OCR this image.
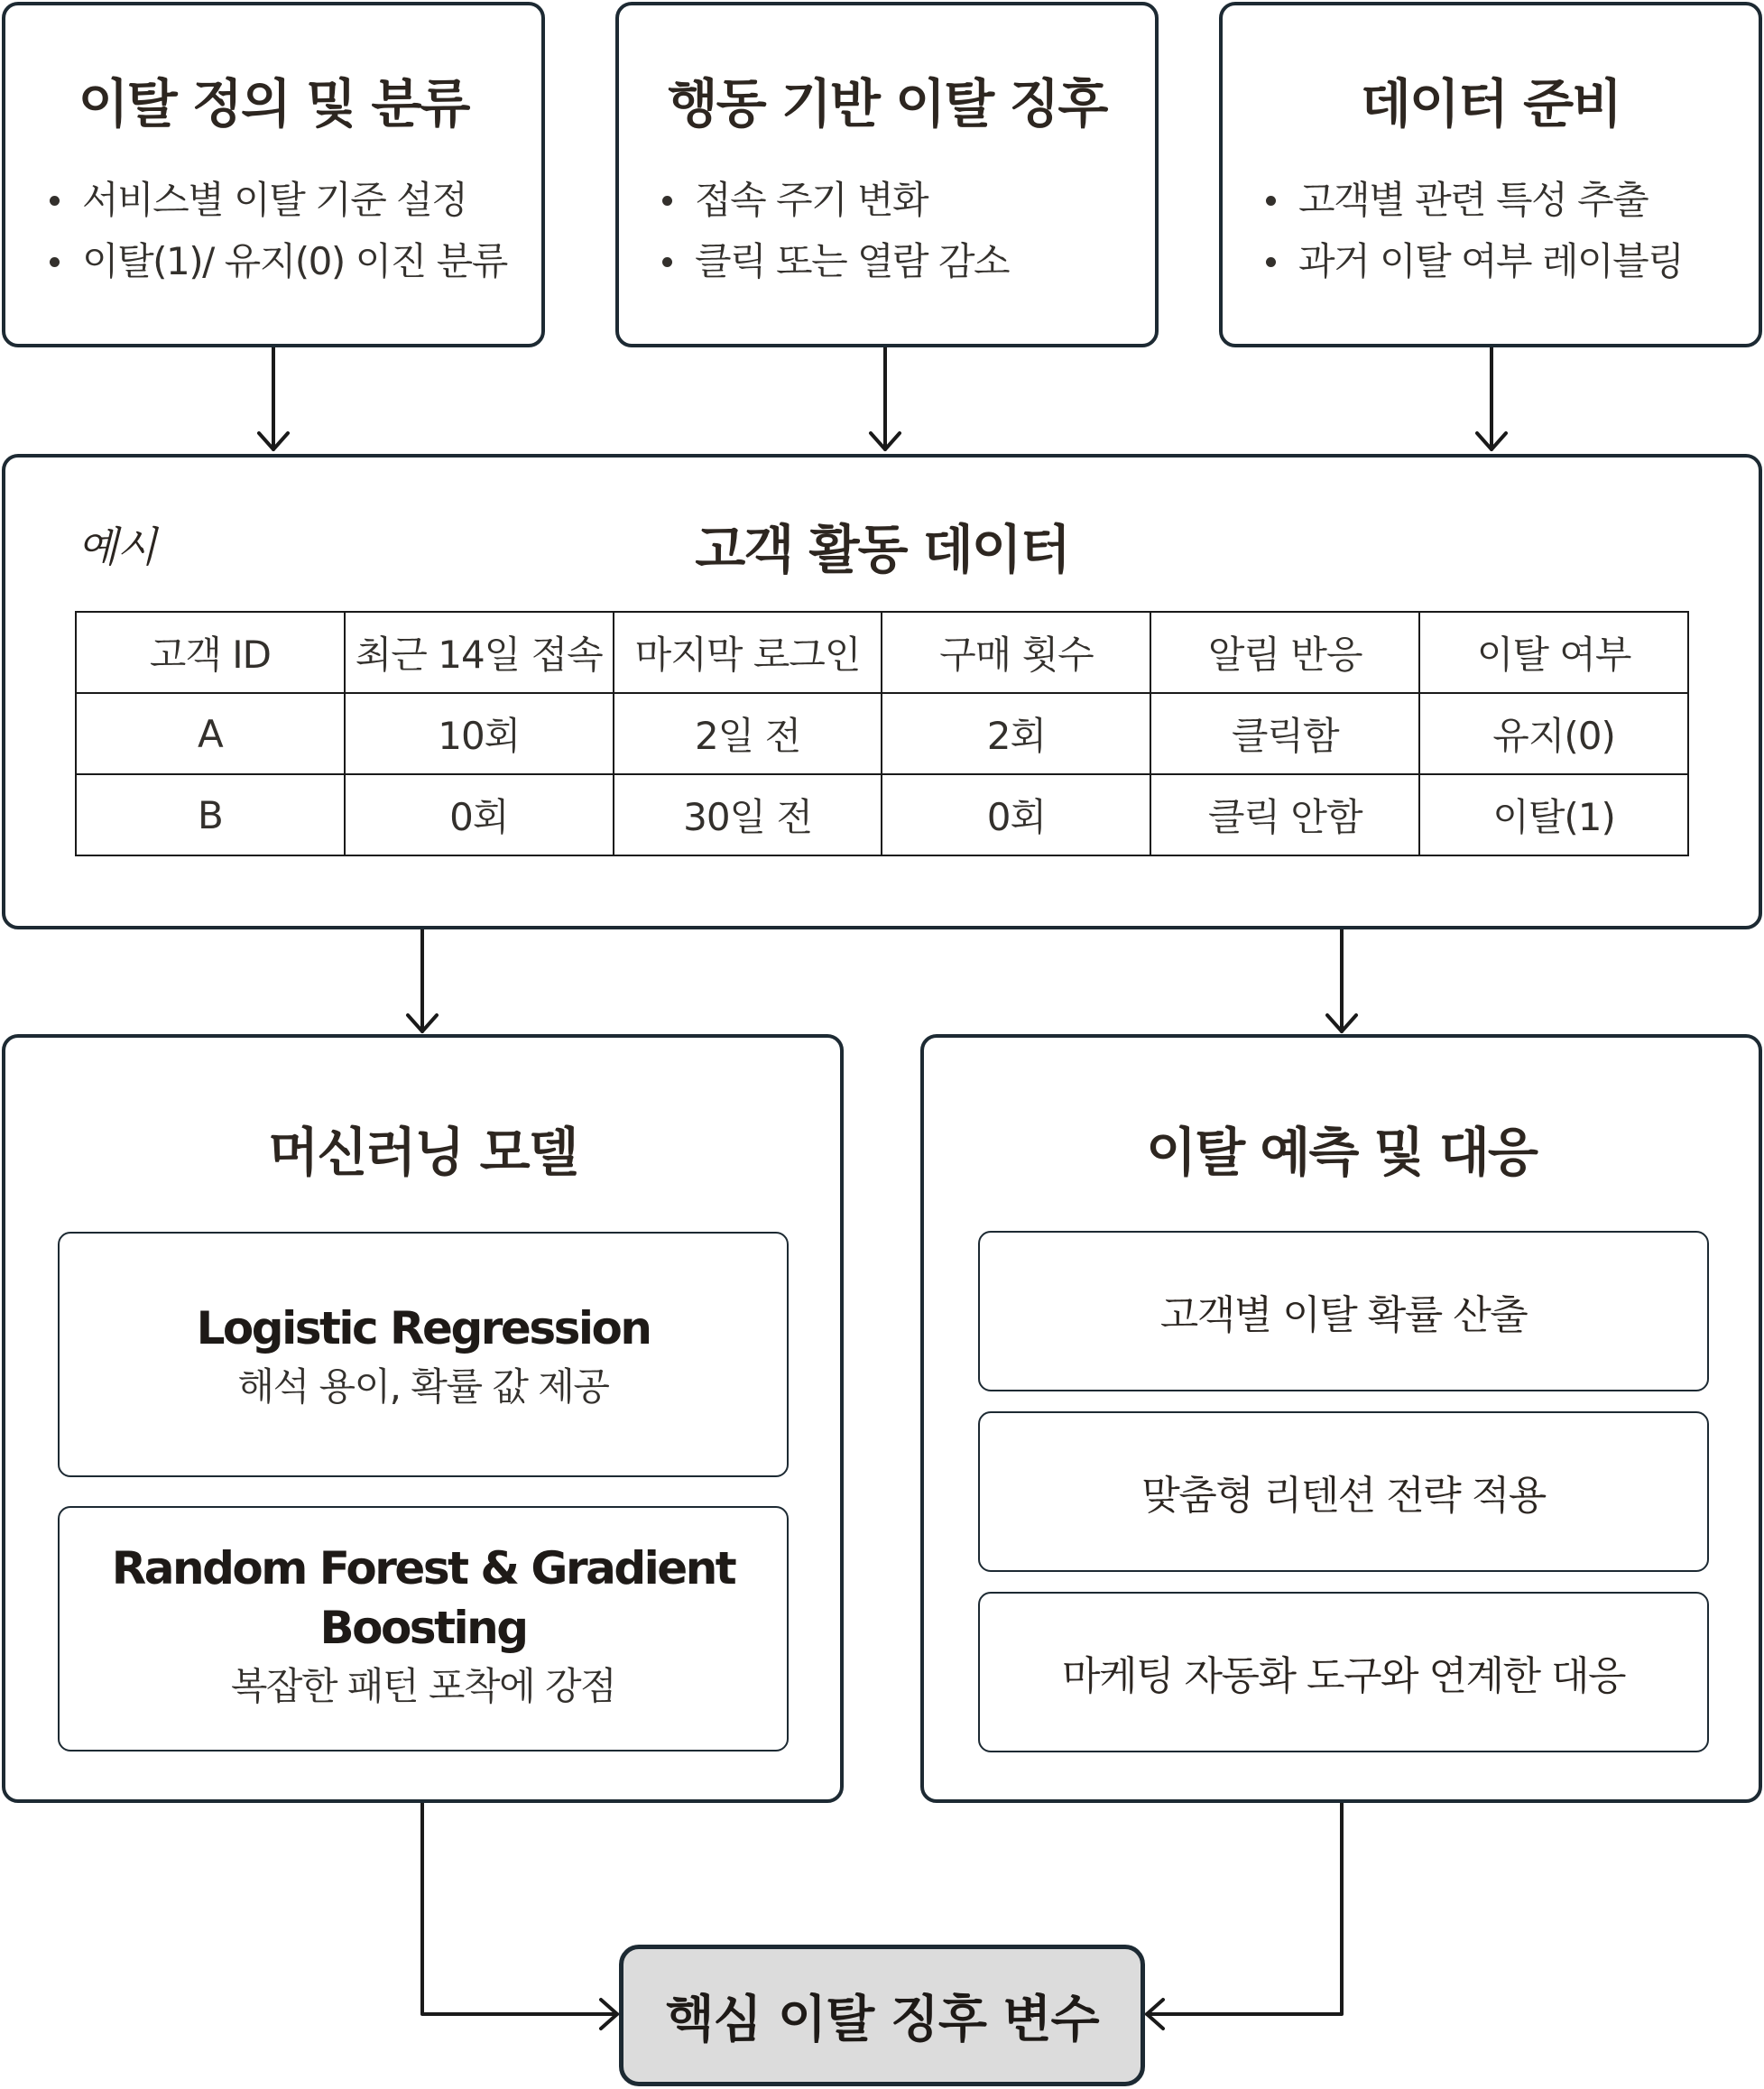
이탈 정의 및 분류
서비스별 이탈 기준 설정
이탈(1)/ 유지(0) 이진 분류
행동 기반 이탈 징후
접속 주기 변화
클릭 또는 열람 감소
데이터 준비
고객별 관련 특성 추출
과거 이탈 여부 레이블링
예시	고객 활동 데이터
고객 ID	최근 14일 접속	마지막 로그인	구매 횟수	알림 반응	이탈 여부
A	10회	2일 전	2회	클릭함	유지(0)
B	0회	30일 전	0회	클릭 안함	이탈(1)
머신러닝 모델
Logistic Regression
해석 용이, 확률 값 제공
Random Forest & Gradient
Boosting
복잡한 패턴 포착에 강점
이탈 예측 및 대응
고객별 이탈 확률 산출
맞춤형 리텐션 전략 적용
마케팅 자동화 도구와 연계한 대응
핵심 이탈 징후 변수
